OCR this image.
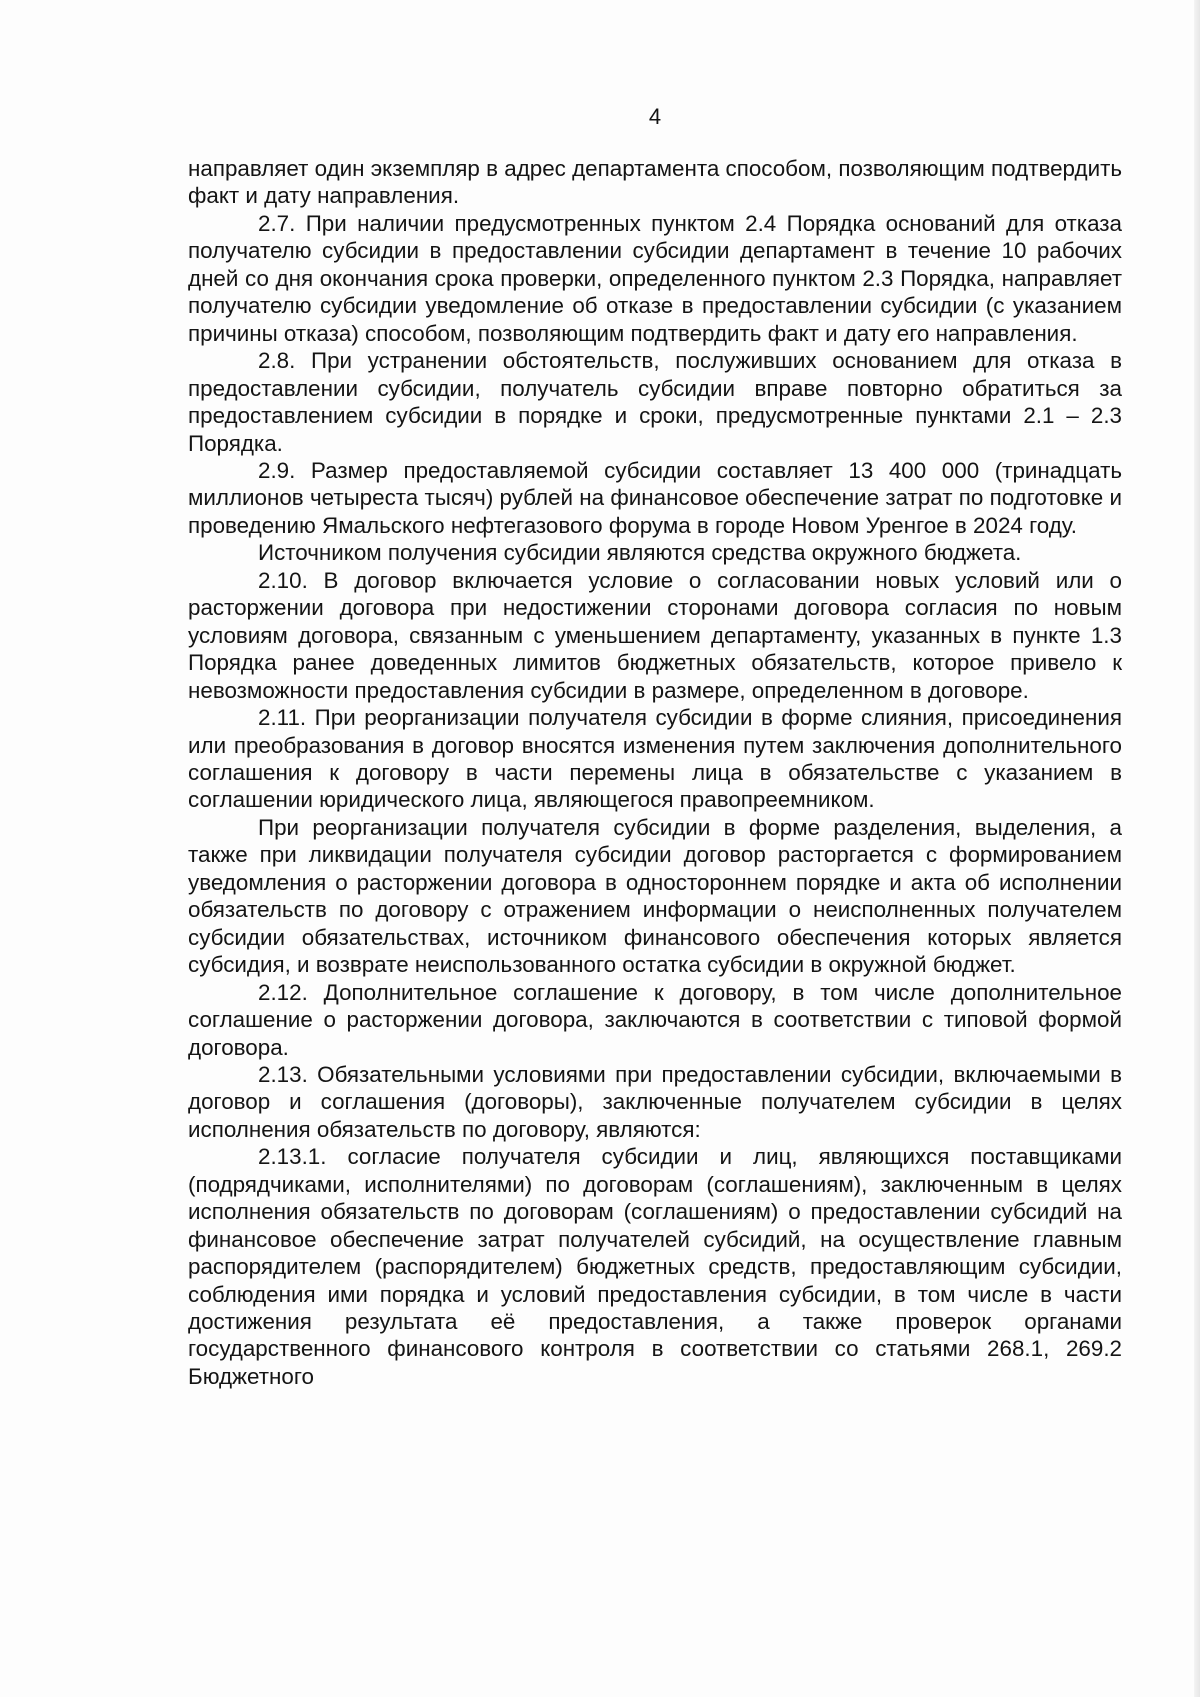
4

направляет один экземпляр в адрес департамента способом, позволяющим подтвердить факт и дату направления.

2.7. При наличии предусмотренных пунктом 2.4 Порядка оснований для отказа получателю субсидии в предоставлении субсидии департамент в течение 10 рабочих дней со дня окончания срока проверки, определенного пунктом 2.3 Порядка, направляет получателю субсидии уведомление об отказе в предоставлении субсидии (с указанием причины отказа) способом, позволяющим подтвердить факт и дату его направления.

2.8. При устранении обстоятельств, послуживших основанием для отказа в предоставлении субсидии, получатель субсидии вправе повторно обратиться за предоставлением субсидии в порядке и сроки, предусмотренные пунктами 2.1 – 2.3 Порядка.

2.9. Размер предоставляемой субсидии составляет 13 400 000 (тринадцать миллионов четыреста тысяч) рублей на финансовое обеспечение затрат по подготовке и проведению Ямальского нефтегазового форума в городе Новом Уренгое в 2024 году.

Источником получения субсидии являются средства окружного бюджета.

2.10. В договор включается условие о согласовании новых условий или о расторжении договора при недостижении сторонами договора согласия по новым условиям договора, связанным с уменьшением департаменту, указанных в пункте 1.3 Порядка ранее доведенных лимитов бюджетных обязательств, которое привело к невозможности предоставления субсидии в размере, определенном в договоре.

2.11. При реорганизации получателя субсидии в форме слияния, присоединения или преобразования в договор вносятся изменения путем заключения дополнительного соглашения к договору в части перемены лица в обязательстве с указанием в соглашении юридического лица, являющегося правопреемником.

При реорганизации получателя субсидии в форме разделения, выделения, а также при ликвидации получателя субсидии договор расторгается с формированием уведомления о расторжении договора в одностороннем порядке и акта об исполнении обязательств по договору с отражением информации о неисполненных получателем субсидии обязательствах, источником финансового обеспечения которых является субсидия, и возврате неиспользованного остатка субсидии в окружной бюджет.

2.12. Дополнительное соглашение к договору, в том числе дополнительное соглашение о расторжении договора, заключаются в соответствии с типовой формой договора.

2.13. Обязательными условиями при предоставлении субсидии, включаемыми в договор и соглашения (договоры), заключенные получателем субсидии в целях исполнения обязательств по договору, являются:

2.13.1. согласие получателя субсидии и лиц, являющихся поставщиками (подрядчиками, исполнителями) по договорам (соглашениям), заключенным в целях исполнения обязательств по договорам (соглашениям) о предоставлении субсидий на финансовое обеспечение затрат получателей субсидий, на осуществление главным распорядителем (распорядителем) бюджетных средств, предоставляющим субсидии, соблюдения ими порядка и условий предоставления субсидии, в том числе в части достижения результата её предоставления, а также проверок органами государственного финансового контроля в соответствии со статьями 268.1, 269.2 Бюджетного
